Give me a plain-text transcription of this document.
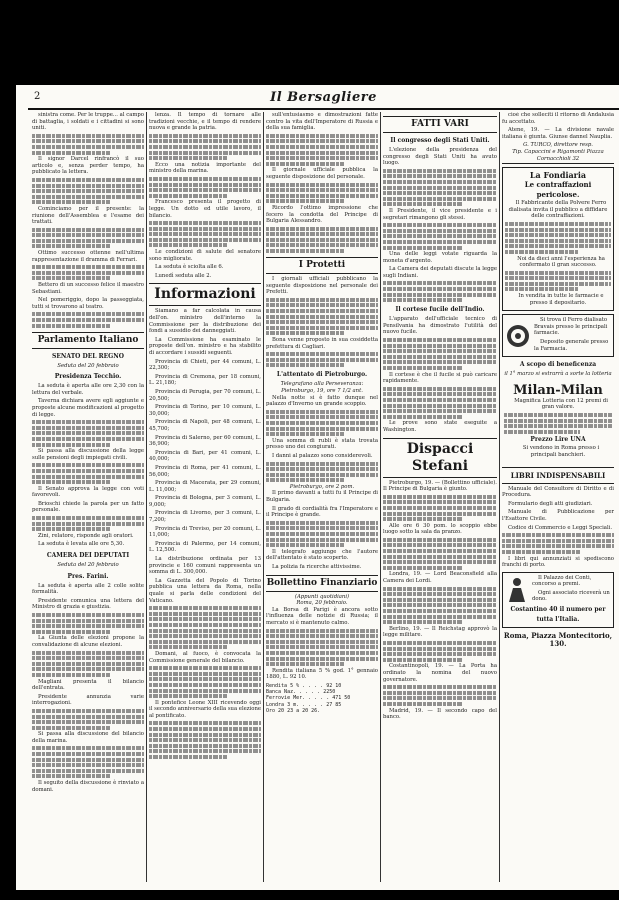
2	Il Bersagliere

sinistra come. Per le truppe... al campo di battaglia, i soldati e i cittadini si sono uniti.

Il signor Darcel rinfrancò il suo articolo e, senza perder tempo, ha pubblicato la lettera.

Cominciamo per il presente: la riunione dell'Assemblea e l'esame dei trattati.

Ottimo successo ottenne nell'ultima rappresentazione il dramma di Ferrari.

Bettero di un successo felice il maestro Sebastiani.

Nel pomeriggio, dopo la passeggiata, tutti si trovarono al teatro.

Parlamento Italiano
SENATO DEL REGNO
Seduta del 20 febbraio
Presidenza Tecchio.

La seduta è aperta alle ore 2,30 con la lettura del verbale.

Taverna dichiara avere egli aggiunte e proposte alcune modificazioni al progetto di legge.

Si passa alla discussione della legge sulle pensioni degli impiegati civili.

Il Senato approva la legge con voti favorevoli.

Brioschi chiede la parola per un fatto personale.

Zini, relatore, risponde agli oratori.

La seduta è levata alle ore 5,30.

CAMERA DEI DEPUTATI
Seduta del 20 febbraio
Pres. Farini.

La seduta è aperta alle 2 colle solite formalità.

Presidente comunica una lettera del Ministro di grazia e giustizia.

La Giunta delle elezioni propone la convalidazione di alcune elezioni.

Magliani presenta il bilancio dell'entrata.

Presidente annunzia varie interrogazioni.

Si passa alla discussione del bilancio della marina.

Il seguito della discussione è rinviato a domani.

lenza. Il tempo di tornare alle tradizioni vecchie, e il tempo di rendere nuova e grande la patria.

Ecco una notizia importante del ministro della marina.

Francesco presenta il progetto di legge. Un dotto ed utile lavoro, il bilancio.

Le condizioni di salute del senatore sono migliorate.

La seduta è sciolta alle 6.

Lunedì seduta alle 2.

Informazioni

Siamano a far calcolata in causa dell'on. ministro dell'interno la Commissione per la distribuzione dei fondi a sussidio dei danneggiati.

La Commissione ha esaminato le proposte dell'on. ministro e ha stabilito di accordare i sussidi seguenti.

Provincia di Chieti, per 44 comuni, L. 22,300;

Provincia di Cremona, per 18 comuni, L. 21,180;

Provincia di Perugia, per 70 comuni, L. 20,500;

Provincia di Torino, per 10 comuni, L. 30,000;

Provincia di Napoli, per 48 comuni, L. 45,700;

Provincia di Salerno, per 60 comuni, L. 36,900;

Provincia di Bari, per 41 comuni, L. 40,000;

Provincia di Roma, per 41 comuni, L. 56,000;

Provincia di Macerata, per 29 comuni, L. 11,000;

Provincia di Bologna, per 3 comuni, L. 9,000;

Provincia di Livorno, per 3 comuni, L. 7,200;

Provincia di Treviso, per 20 comuni, L. 11,000;

Provincia di Palermo, per 14 comuni, L. 12,500.

La distribuzione ordinata per 13 provincie e 160 comuni rappresenta un somma di L. 300,000.

La Gazzetta del Popolo di Torino pubblica una lettera da Roma, nella quale si parla delle condizioni del Vaticano.

Domani, al fuoco, è convocata la Commissione generale del bilancio.

Il pontefice Leone XIII ricevendo oggi il secondo anniversario della sua elezione al pontificato.

sull'entusiasmo e dimostrazioni fatte contro la vita dell'Imperatore di Russia e della sua famiglia.

Il giornale ufficiale pubblica la seguente disposizione del personale.

Ricordo l'ottimo impressione che fecero la condotta del Principe di Bulgaria Alessandro.

I Protetti

I giornali ufficiali pubblicano la seguente disposizione nel personale dei Prefetti.

Bona venne proposto in sua cosiddetta prefettura di Cagliari.

L'attentato di Pietroburgo.
Telegrafano alla Perseveranza:
Pietroburgo, 19, ore 7 1/2 ant.

Nella notte si è fatto dunque nel palazzo d'Inverno un grande scoppio.

Una somma di rubli è stata trovata presso uno dei congiurati.

I danni al palazzo sono considerevoli.

Pietroburgo, ore 2 pom.

Il primo davanti a tutti fu il Principe di Bulgaria.

Il grado di cordialità fra l'Imperatore e il Principe è grande.

Il telegrafo aggiunge che l'autore dell'attentato è stato scoperto.

La polizia fa ricerche attivissime.

Bollettino Finanziario
(Appunti quotidiani)
Roma, 20 febbraio.

La Borsa di Parigi è ancora sotto l'influenza delle notizie di Russia; il mercato si è mantenuto calmo.

Rendita italiana 5 % god. 1° gennaio 1880, L. 92 10.

Rendita 5 % . . . . 92 10
Banca Naz. . . . . 2250
Ferrovie Mer. . . . . 471 50
Londra 3 m. . . . . 27 85
Oro 20 23 a 20 26.
FATTI VARI
Il congresso degli Stati Uniti.

L'elezione della presidenza del congresso degli Stati Uniti ha avuto luogo.

Il Presidente, il vice presidente e i segretari rimangono gli stessi.

Una delle leggi votate riguarda la moneta d'argento.

La Camera dei deputati discute la legge sugli Indiani.

Il cortese fucile dell'Indio.

L'apparato dell'ufficiale tecnico di Pensilvania ha dimostrato l'utilità del nuovo fucile.

Il cortese è che il fucile si può caricare rapidamente.

Le prove sono state eseguite a Washington.

Dispacci Stefani

Pietroburgo, 19. — (Bollettino ufficiale). Il Principe di Bulgaria è giunto.

Alle ore 6 30 pom. lo scoppio ebbe luogo sotto la sala da pranzo.

Londra, 19. — Lord Beaconsfield alla Camera dei Lordi.

Berlino, 19. — Il Reichstag approvò la legge militare.

Costantinopoli, 19. — La Porta ha ordinato la nomina del nuovo governatore.

Madrid, 19. — Il secondo capo del banco.

cioè che solleciti il ritorno di Andalusia fu accettato.

Atene, 19. — La divisione navale italiana è giunta. Giunse dannel Nauplia.

G. TURCO, direttore resp.
Tip. Capaccini e Rigamonti Piazza Cornacchioli 32
La Fondiaria
Le contraffazioni pericolose.

Il Fabbricante della Polvere Ferro dialisata invita il pubblico a diffidare delle contraffazioni.

Noi da dieci anni l'esperienza ha confermato il gran successo.

In vendita in tutte le farmacie e presso il depositario.

Si trova il Ferro dialisato Bravais presso le principali farmacie.

Deposito generale presso la Farmacia.

A scopo di beneficenza
il 1° marzo si estrarrà a sorte la lotteria
Milan-Milan

Magnifica Lotteria con 12 premi di gran valore.

Prezzo Lire UNA

Si vendono in Roma presso i principali banchieri.

LIBRI INDISPENSABILI

Manuale del Consultore di Diritto e di Procedura.

Formulario degli atti giudiziari.

Manuale di Pubblicazione per l'Esattore Civile.

Codice di Commercio e Leggi Speciali.

I libri qui annunziati si spediscono franchi di porto.

Il Palazzo dei Conti, concorso a premi.

Ogni associato riceverà un dono.

Costantino 40 il numero per tutta l'Italia.
Roma, Piazza Montecitorio, 130.
